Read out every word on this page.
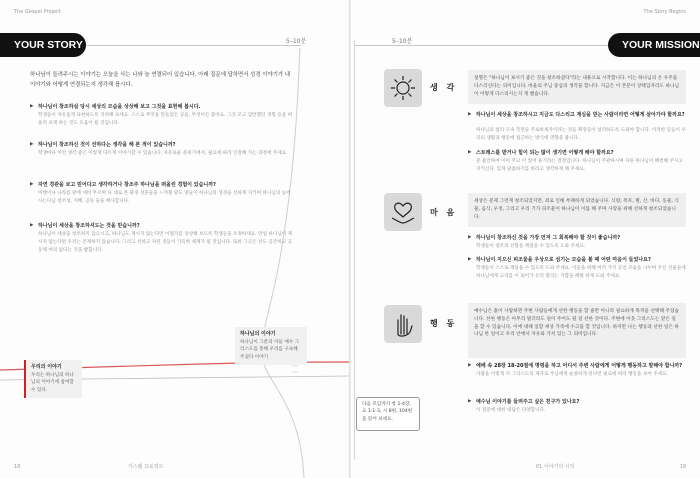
The Gospel Project
YOUR STORY	5–10분
하나님이 들려주시는 이야기는 오늘을 사는 나와 늘 연결되어 있습니다. 아래 질문에 답하면서 성경 이야기가 내 이야기와 어떻게 연결되는지 생각해 봅시다.
▶ 하나님이 창조하실 당시 세상의 모습을 상상해 보고 그것을 표현해 봅시다.
학생들이 자유롭게 표현하도록 격려해 보세요. 스스로 무엇을 만들었든 공들, 무엇이든 좋아요. 그것 모고 감탄했던 경험 등을 떠올려 보게 하는 것도 도움이 될 것입니다.
▶ 하나님이 창조하신 것이 선하다는 생각을 해 본 적이 있습니까?
학생마다 이런 생각 좋은 이렇게 다르게 이야기할 수 있습니다. 자유로운 분위기에서, 필요에 따라 인정해 가는 과정에 주세요.
▶ 자연 경관을 보고 믿어다고 생각하거나 창조주 하나님을 떠올린 경험이 있습니까?
여행이나 나라를 맡에 세비 무르며 다 대로 본 광경 성흔들을 느껴볼 말도 말들이 하나님의 성경을 선하게 지키며 하나님의 능력 사는다님 창조성, 지혜, 공동 들을 배사합니다.
▶ 하나님이 세상을 창조하셔도는 것을 믿습니까?
하나님이 세상을 창조하지 않으시고, 하나님도 계시지 않는다면 어떨지를 상상해 보도록 학생들을 조정하세요. 만일 하나님이 계시지 않는다면 우리는 존재하지 않습니다. 그리고 선하고 자된 것들이 가득한 세계가 될 것입니다. 또한 그곳은 선도 공존하고 공동체 여의 없다는 것을 발합니다.
하나님의 이야기
하나님이 그분의 아들 예수 그리스도를 통해 우리를 구속해 주셨다 이야기
우리의 이야기
우리는 하나님의 하나님의 이야기에 참여할 수 있다.
18	가스펠 프로젝트
The Story Begins
5–10분	YOUR MISSION
생 각
설명은 "하나님이 보시기 좋은 것을 창조하셨다"라는 내용으로 시작합니다. 이는 하나님의 온 우주를 다스리신다는 의미입니다. 바울의 주님 중심의 생각을 합니다. 지금은 이 본문이 상태입자리도 하나님이 어떻게 다스리시는지 게 했습니다.
▶ 하나님이 세상을 창조하시고 지금도 다스리고 계심을 믿는 사람이라면 어떻게 살아가야 할까요?
하나님의 섭리 구속 측면들 주로하세자이라는 것들 확장들이 설리하도록 도와야 합니다. 이러한 믿음이 우리의 생활과 행동에 접근하는 방식에 영향을 줍니다.
▶ 스트레스를 받거나 힘이 되는 많이 생기면 어떻게 해야 할까요?
분 불안하여 이미 주고 이 있어 용기라는 결정입니다. 하나님이 주관하시며 다른 하나님이 해결해 주시고 지키신다. 있게 말씀하기를 바라고 생각하게 해 주세요.
마 음
세상은 문제 그런게 창조되었지만, 죄로 인해 부패하게 되었습니다. 식량, 폭포, 별, 산, 바다, 동물, 식물, 음식, 우정, 그리고 우리 기가 피조물이 하나님이 이를 해 주며 사랑을 위해 선하게 창조되었습니다.
▶ 하나님이 창조하신 것을 가장 먼저 그 회복해야 할 것이 좋습니까?
학생들이 창조의 선함을 깨달을 수 있도록 도와 주세요.
▶ 하나님이 지으신 피조물을 우상으로 섬기는 모습을 볼 때 어떤 마음이 들었나요?
학생들이 스스로 깨달을 수 있도록 도와 주세요. 이웃을 위해 여러 가지 공연 모습을 나누며 주신 선물들에 하나님에게 고리를 이 되어가 유리 열리는 기쁨을 배웠 하게 도와 주세요.
행 동
예수님은 흙이 사람하면 주변 사람들에게 선한 행동을 할 줄만 아니라 필요하게 목적을 선택해 주셨습니다. 선한 행동은 아무리 멀더라도 일이 주어도 될 길 선한 것이다. 주변에 이웃 그리스도는 맡은 일을 할 수 있습니다. 이에 대해 일할 세상 가족에 수고를 할 것입니다. 하지만 나는 행동과 선한 일은 하나님 한 일이고 우리 안에서 자유와 가치 있는 그 의미입니다.
▶ 예배 속 28장 18-20절에 명령을 하고 어디서 주변 사람에게 어떻게 행동하고 말해야 합니까?
사람을 이렇게 지 그리스도의 제자로 주님에게 순종하게 된다면 필요에 따라 행동을 보여 주세요.
▶ 예수님 이야기를 들려주고 싶은 친구가 있나요?
이 질문에 대한 대답은 다양합니다.
다음 모임까지 창 1-4장, 요 1:1-3, 시 8편, 104편을 읽어 보세요.
01 이야기의 시작	19
